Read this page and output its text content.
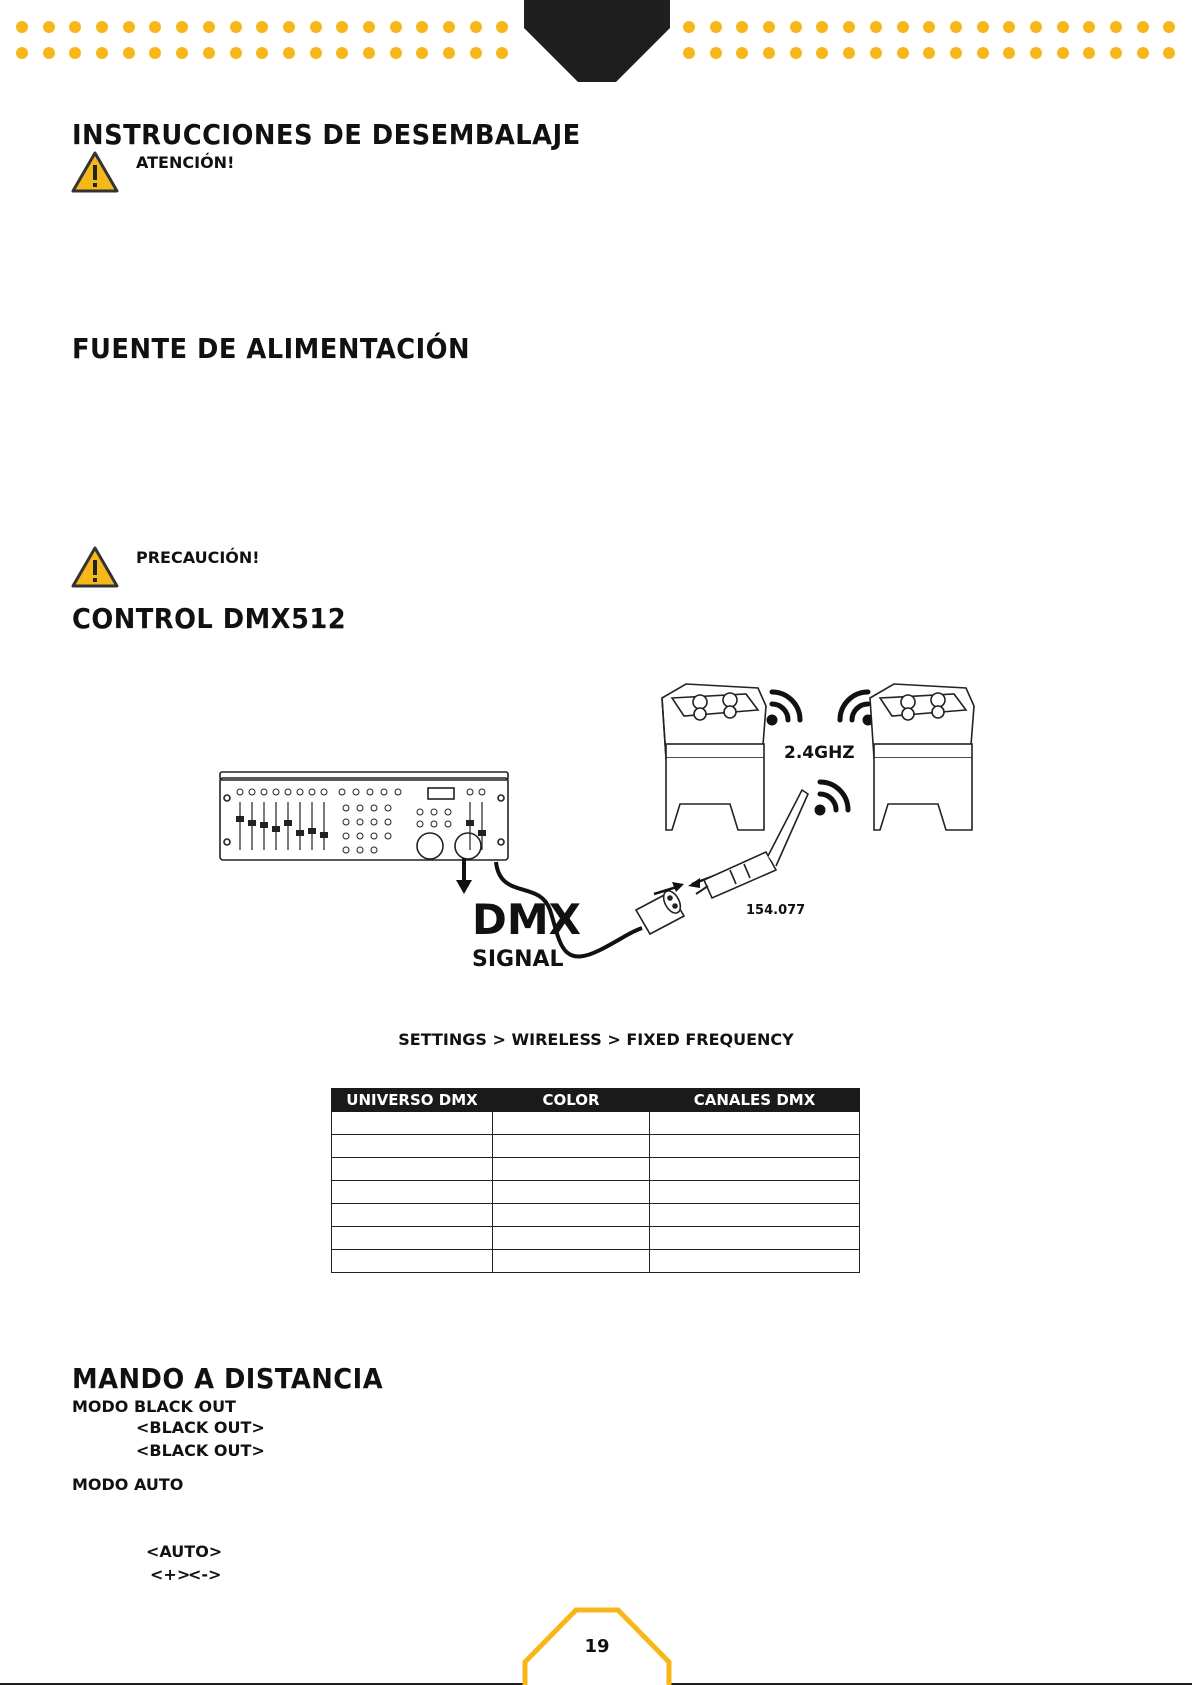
INSTRUCCIONES DE DESEMBALAJE

ATENCIÓN!

FUENTE DE ALIMENTACIÓN

PRECAUCIÓN!

CONTROL DMX512
DMX
SIGNAL
154.077
2.4GHZ
SETTINGS > WIRELESS > FIXED FREQUENCY
UNIVERSO DMX	COLOR	CANALES DMX

MANDO A DISTANCIA
MODO BLACK OUT
<BLACK OUT>
<BLACK OUT>
MODO AUTO
<AUTO>
<+>
<->
19
